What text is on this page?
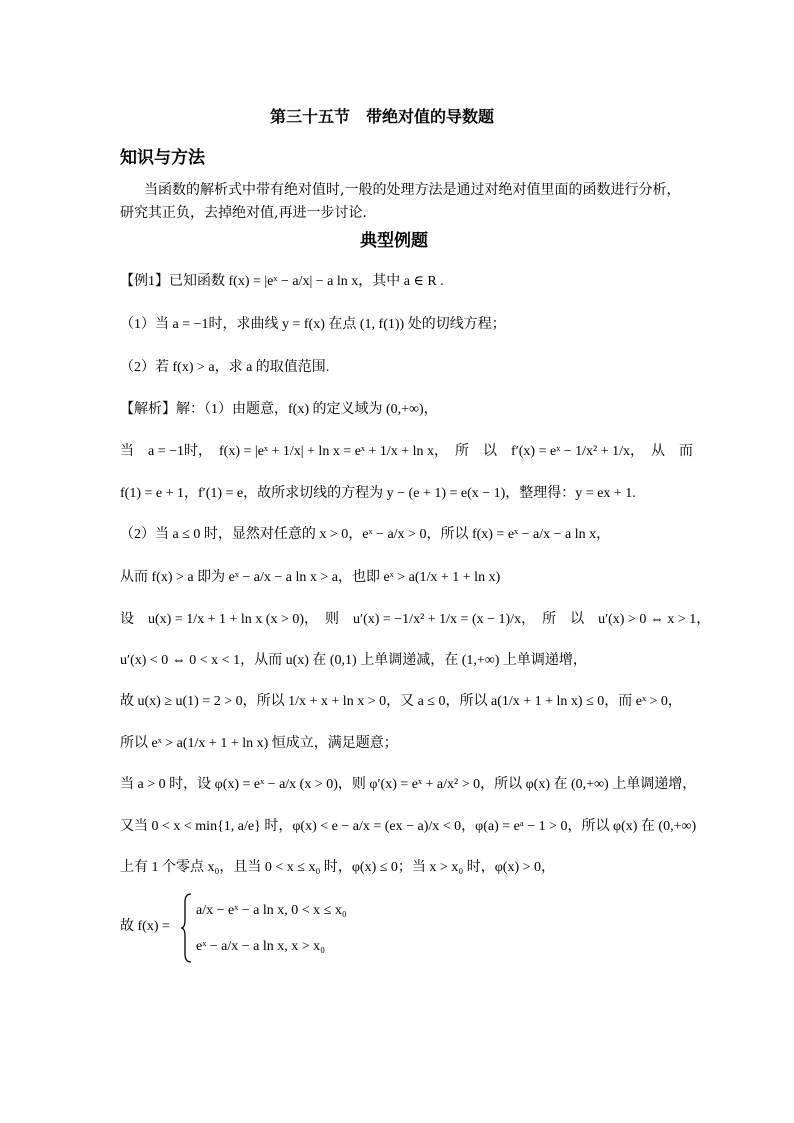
第三十五节　带绝对值的导数题
知识与方法
当函数的解析式中带有绝对值时,一般的处理方法是通过对绝对值里面的函数进行分析，
研究其正负，去掉绝对值,再进一步讨论.
典型例题
【例1】已知函数 f(x) = |eˣ − a/x| − a ln x，其中 a ∈ R .
（1）当 a = −1时，求曲线 y = f(x) 在点 (1, f(1)) 处的切线方程；
（2）若 f(x) > a，求 a 的取值范围.
【解析】解：（1）由题意，f(x) 的定义域为 (0,+∞)，
当　a = −1时，　f(x) = |eˣ + 1/x| + ln x = eˣ + 1/x + ln x，　所　以　f′(x) = eˣ − 1/x² + 1/x，　从　而
f(1) = e + 1，f′(1) = e，故所求切线的方程为 y − (e + 1) = e(x − 1)，整理得：y = ex + 1.
（2）当 a ≤ 0 时，显然对任意的 x > 0，eˣ − a/x > 0，所以 f(x) = eˣ − a/x − a ln x，
从而 f(x) > a 即为 eˣ − a/x − a ln x > a，也即 eˣ > a(1/x + 1 + ln x)
设　u(x) = 1/x + 1 + ln x (x > 0)，　则　u′(x) = −1/x² + 1/x = (x − 1)/x，　所　以　u′(x) > 0 ⇔ x > 1，
u′(x) < 0 ⇔ 0 < x < 1，从而 u(x) 在 (0,1) 上单调递减，在 (1,+∞) 上单调递增，
故 u(x) ≥ u(1) = 2 > 0，所以 1/x + x + ln x > 0，又 a ≤ 0，所以 a(1/x + 1 + ln x) ≤ 0，而 eˣ > 0，
所以 eˣ > a(1/x + 1 + ln x) 恒成立，满足题意；
当 a > 0 时，设 φ(x) = eˣ − a/x (x > 0)，则 φ′(x) = eˣ + a/x² > 0，所以 φ(x) 在 (0,+∞) 上单调递增，
又当 0 < x < min{1, a/e} 时，φ(x) < e − a/x = (ex − a)/x < 0，φ(a) = eᵃ − 1 > 0，所以 φ(x) 在 (0,+∞)
上有 1 个零点 x₀，且当 0 < x ≤ x₀ 时，φ(x) ≤ 0；当 x > x₀ 时，φ(x) > 0，
故 f(x) =
a/x − eˣ − a ln x, 0 < x ≤ x₀
eˣ − a/x − a ln x, x > x₀
